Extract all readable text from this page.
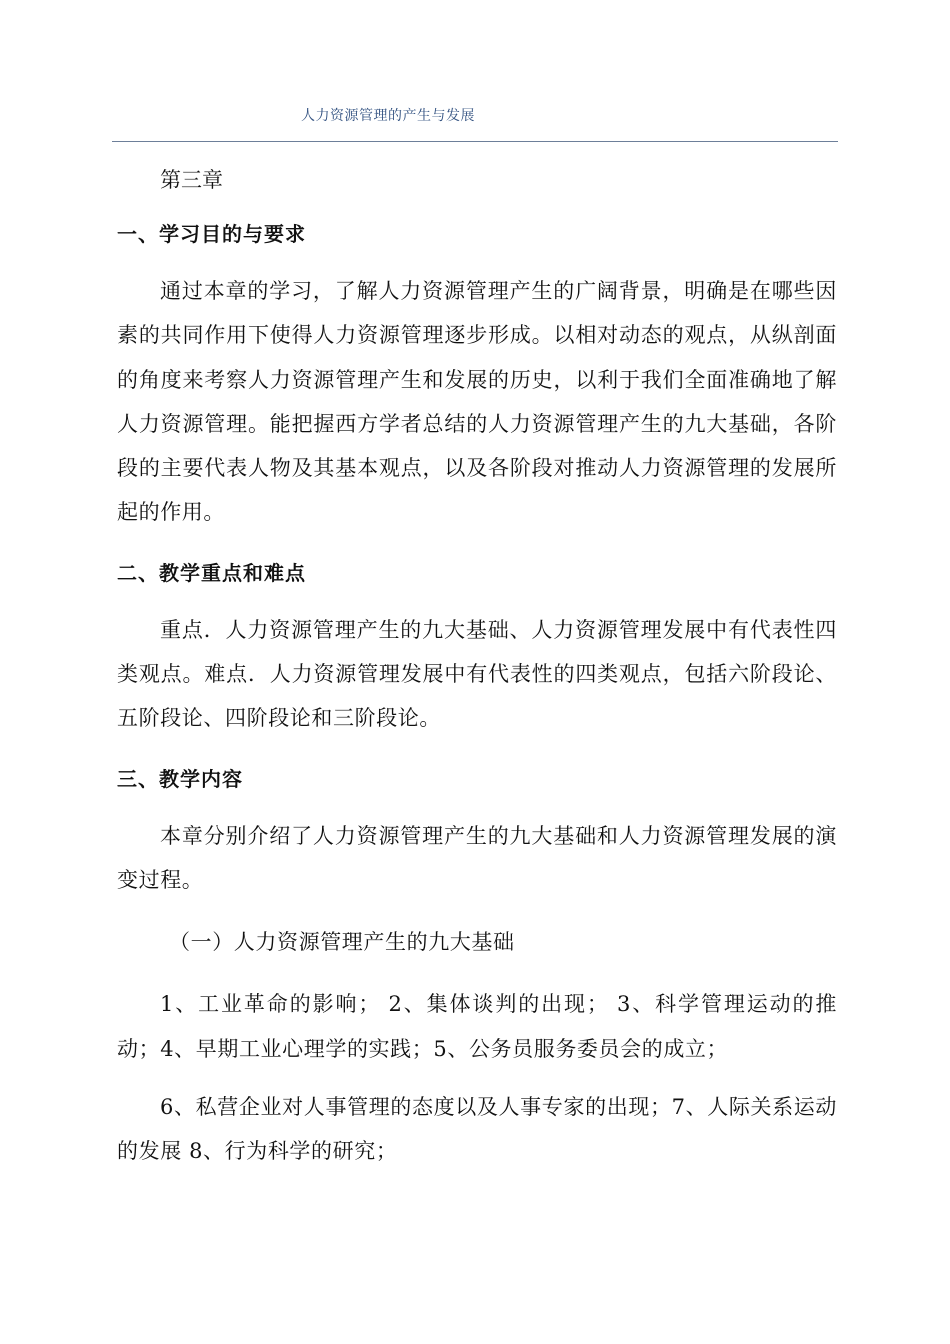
人力资源管理的产生与发展

第三章

一、学习目的与要求

通过本章的学习，了解人力资源管理产生的广阔背景，明确是在哪些因素的共同作用下使得人力资源管理逐步形成。以相对动态的观点，从纵剖面的角度来考察人力资源管理产生和发展的历史，以利于我们全面准确地了解人力资源管理。能把握西方学者总结的人力资源管理产生的九大基础，各阶段的主要代表人物及其基本观点，以及各阶段对推动人力资源管理的发展所起的作用。

二、教学重点和难点

重点．人力资源管理产生的九大基础、人力资源管理发展中有代表性四类观点。难点．人力资源管理发展中有代表性的四类观点，包括六阶段论、五阶段论、四阶段论和三阶段论。

三、教学内容

本章分别介绍了人力资源管理产生的九大基础和人力资源管理发展的演变过程。

（一）人力资源管理产生的九大基础

1、工业革命的影响； 2、集体谈判的出现； 3、科学管理运动的推动；4、早期工业心理学的实践；5、公务员服务委员会的成立；

6、私营企业对人事管理的态度以及人事专家的出现；7、人际关系运动的发展 8、行为科学的研究；
